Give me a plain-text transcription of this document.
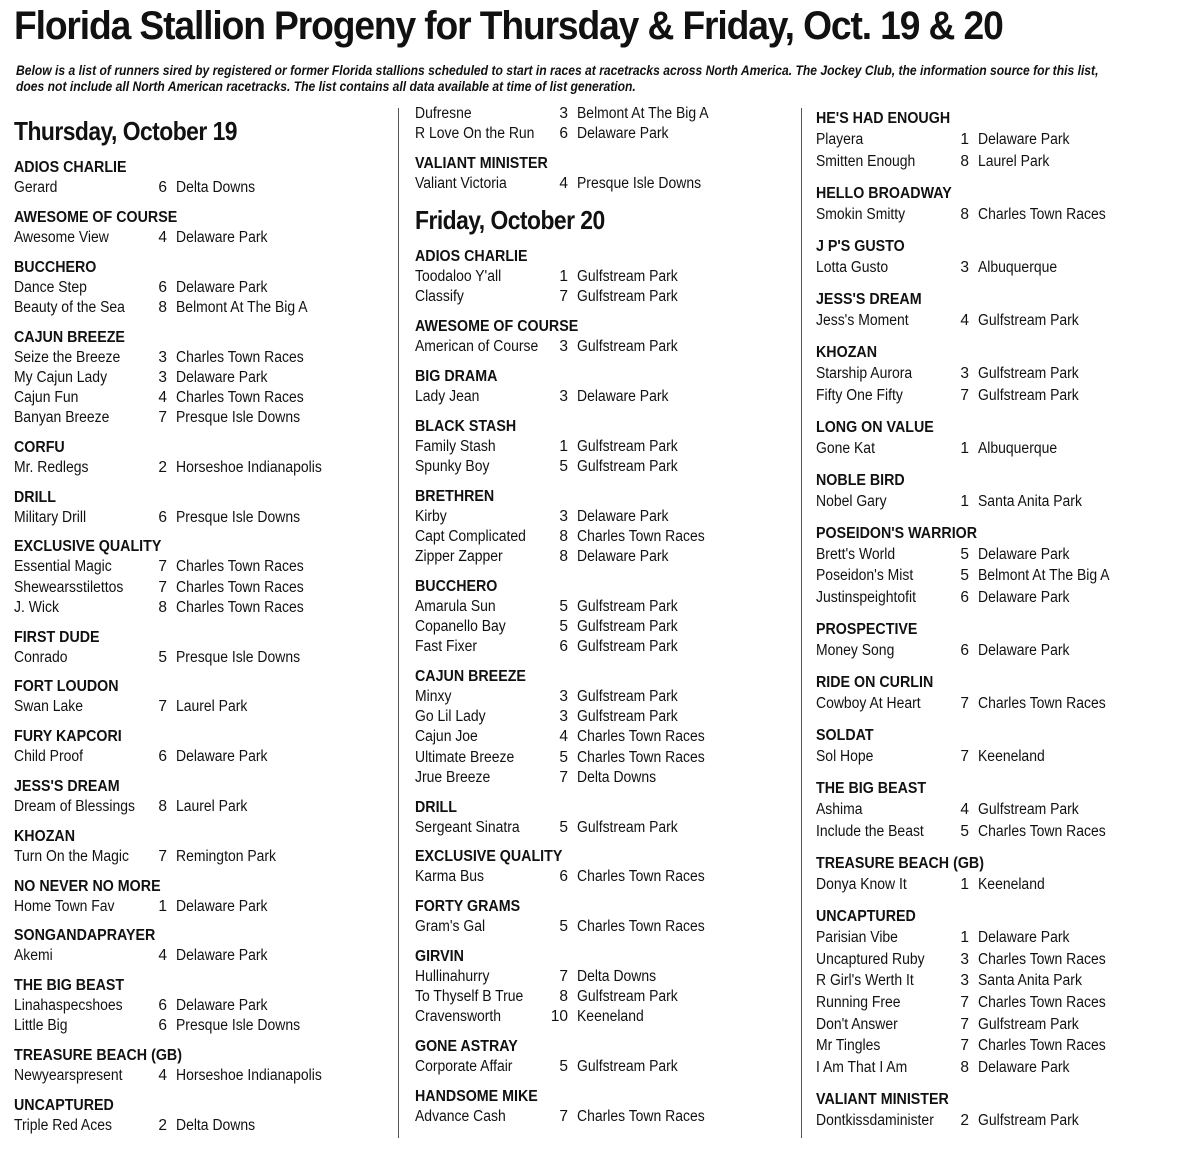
Florida Stallion Progeny for Thursday & Friday, Oct. 19 & 20

Below is a list of runners sired by registered or former Florida stallions scheduled to start in races at racetracks across North America. The Jockey Club, the information source for this list, does not include all North American racetracks. The list contains all data available at time of list generation.

Thursday, October 19
ADIOS CHARLIE
Gerard	6 Delta Downs
AWESOME OF COURSE
Awesome View	4 Delaware Park
BUCCHERO
Dance Step	6 Delaware Park
Beauty of the Sea 8 Belmont At The Big A
CAJUN BREEZE
Seize the Breeze 3 Charles Town Races
My Cajun Lady	3 Delaware Park
Cajun Fun	4 Charles Town Races
Banyan Breeze	7 Presque Isle Downs
CORFU
Mr. Redlegs	2 Horseshoe Indianapolis
DRILL
Military Drill	6 Presque Isle Downs
EXCLUSIVE QUALITY
Essential Magic	7 Charles Town Races
Shewearsstilettos 7 Charles Town Races
J. Wick	8 Charles Town Races
FIRST DUDE
Conrado	5 Presque Isle Downs
FORT LOUDON
Swan Lake	7 Laurel Park
FURY KAPCORI
Child Proof	6 Delaware Park
JESS'S DREAM
Dream of Blessings 8 Laurel Park
KHOZAN
Turn On the Magic 7 Remington Park
NO NEVER NO MORE
Home Town Fav	1 Delaware Park
SONGANDAPRAYER
Akemi	4 Delaware Park
THE BIG BEAST
Linahaspecshoes 6 Delaware Park
Little Big	6 Presque Isle Downs
TREASURE BEACH (GB)
Newyearspresent 4 Horseshoe Indianapolis
UNCAPTURED
Triple Red Aces	2 Delta Downs
Dufresne	3 Belmont At The Big A
R Love On the Run	6 Delaware Park
VALIANT MINISTER
Valiant Victoria	4 Presque Isle Downs
Friday, October 20
ADIOS CHARLIE
Toodaloo Y'all	1 Gulfstream Park
Classify	7 Gulfstream Park
AWESOME OF COURSE
American of Course	3 Gulfstream Park
BIG DRAMA
Lady Jean	3 Delaware Park
BLACK STASH
Family Stash	1 Gulfstream Park
Spunky Boy	5 Gulfstream Park
BRETHREN
Kirby	3 Delaware Park
Capt Complicated	8 Charles Town Races
Zipper Zapper	8 Delaware Park
BUCCHERO
Amarula Sun	5 Gulfstream Park
Copanello Bay	5 Gulfstream Park
Fast Fixer	6 Gulfstream Park
CAJUN BREEZE
Minxy	3 Gulfstream Park
Go Lil Lady	3 Gulfstream Park
Cajun Joe	4 Charles Town Races
Ultimate Breeze	5 Charles Town Races
Jrue Breeze	7 Delta Downs
DRILL
Sergeant Sinatra	5 Gulfstream Park
EXCLUSIVE QUALITY
Karma Bus	6 Charles Town Races
FORTY GRAMS
Gram's Gal	5 Charles Town Races
GIRVIN
Hullinahurry	7 Delta Downs
To Thyself B True	8 Gulfstream Park
Cravensworth	10 Keeneland
GONE ASTRAY
Corporate Affair	5 Gulfstream Park
HANDSOME MIKE
Advance Cash	7 Charles Town Races
HE'S HAD ENOUGH
Playera	1 Delaware Park
Smitten Enough	8 Laurel Park
HELLO BROADWAY
Smokin Smitty	8 Charles Town Races
J P'S GUSTO
Lotta Gusto	3 Albuquerque
JESS'S DREAM
Jess's Moment	4 Gulfstream Park
KHOZAN
Starship Aurora	3 Gulfstream Park
Fifty One Fifty	7 Gulfstream Park
LONG ON VALUE
Gone Kat	1 Albuquerque
NOBLE BIRD
Nobel Gary	1 Santa Anita Park
POSEIDON'S WARRIOR
Brett's World	5 Delaware Park
Poseidon's Mist	5 Belmont At The Big A
Justinspeightofit	6 Delaware Park
PROSPECTIVE
Money Song	6 Delaware Park
RIDE ON CURLIN
Cowboy At Heart	7 Charles Town Races
SOLDAT
Sol Hope	7 Keeneland
THE BIG BEAST
Ashima	4 Gulfstream Park
Include the Beast	5 Charles Town Races
TREASURE BEACH (GB)
Donya Know It	1 Keeneland
UNCAPTURED
Parisian Vibe	1 Delaware Park
Uncaptured Ruby	3 Charles Town Races
R Girl's Werth It	3 Santa Anita Park
Running Free	7 Charles Town Races
Don't Answer	7 Gulfstream Park
Mr Tingles	7 Charles Town Races
I Am That I Am	8 Delaware Park
VALIANT MINISTER
Dontkissdaminister	2 Gulfstream Park
